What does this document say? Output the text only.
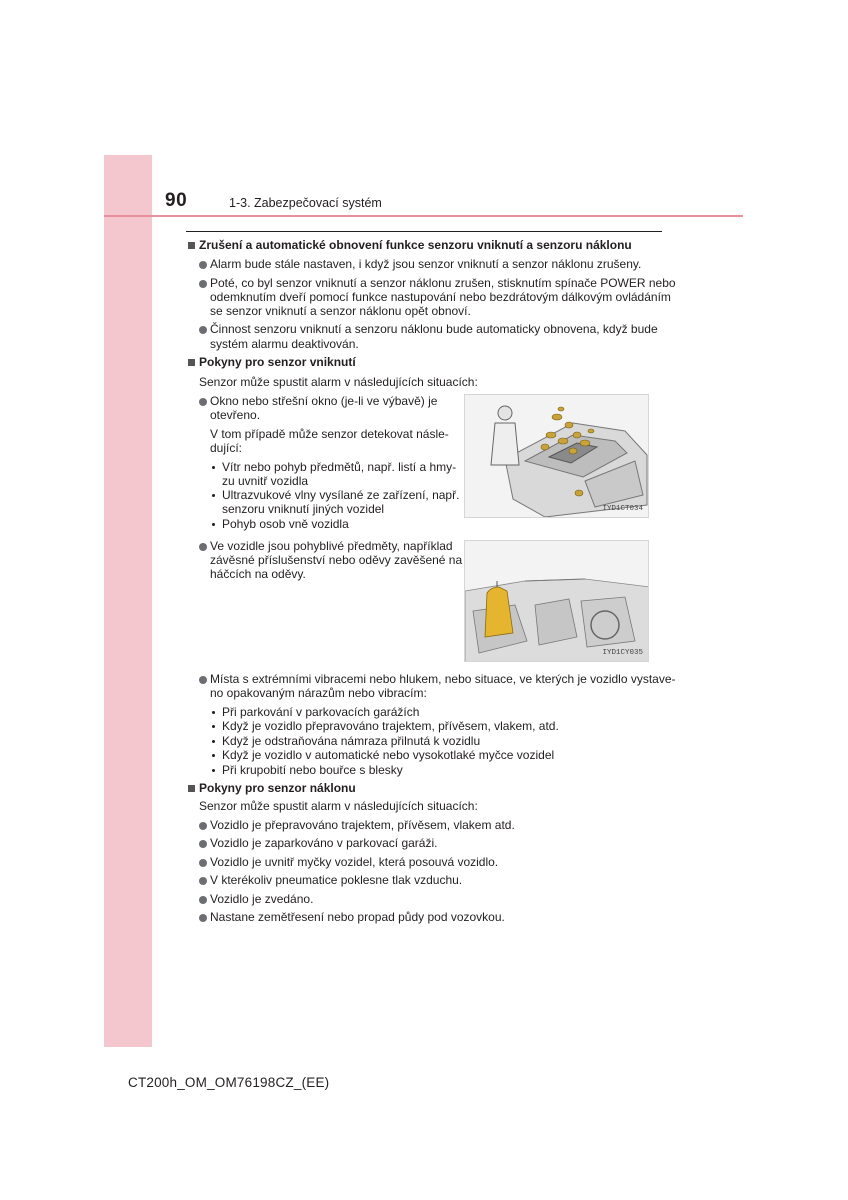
90	1-3. Zabezpečovací systém
Zrušení a automatické obnovení funkce senzoru vniknutí a senzoru náklonu
Alarm bude stále nastaven, i když jsou senzor vniknutí a senzor náklonu zrušeny.
Poté, co byl senzor vniknutí a senzor náklonu zrušen, stisknutím spínače POWER nebo
odemknutím dveří pomocí funkce nastupování nebo bezdrátovým dálkovým ovládáním
se senzor vniknutí a senzor náklonu opět obnoví.
Činnost senzoru vniknutí a senzoru náklonu bude automaticky obnovena, když bude
systém alarmu deaktivován.
Pokyny pro senzor vniknutí
Senzor může spustit alarm v následujících situacích:
Okno nebo střešní okno (je-li ve výbavě) je
otevřeno.
V tom případě může senzor detekovat násle-
dující:
Vítr nebo pohyb předmětů, např. listí a hmy-
zu uvnitř vozidla
Ultrazvukové vlny vysílané ze zařízení, např.
senzoru vniknutí jiných vozidel
Pohyb osob vně vozidla
Ve vozidle jsou pohyblivé předměty, například
závěsné příslušenství nebo oděvy zavěšené na
háčcích na oděvy.
IYD1CT034
IYD1CY035
Místa s extrémními vibracemi nebo hlukem, nebo situace, ve kterých je vozidlo vystave-
no opakovaným nárazům nebo vibracím:
Při parkování v parkovacích garážích
Když je vozidlo přepravováno trajektem, přívěsem, vlakem, atd.
Když je odstraňována námraza přilnutá k vozidlu
Když je vozidlo v automatické nebo vysokotlaké myčce vozidel
Při krupobití nebo bouřce s blesky
Pokyny pro senzor náklonu
Senzor může spustit alarm v následujících situacích:
Vozidlo je přepravováno trajektem, přívěsem, vlakem atd.
Vozidlo je zaparkováno v parkovací garáži.
Vozidlo je uvnitř myčky vozidel, která posouvá vozidlo.
V kterékoliv pneumatice poklesne tlak vzduchu.
Vozidlo je zvedáno.
Nastane zemětřesení nebo propad půdy pod vozovkou.
CT200h_OM_OM76198CZ_(EE)
